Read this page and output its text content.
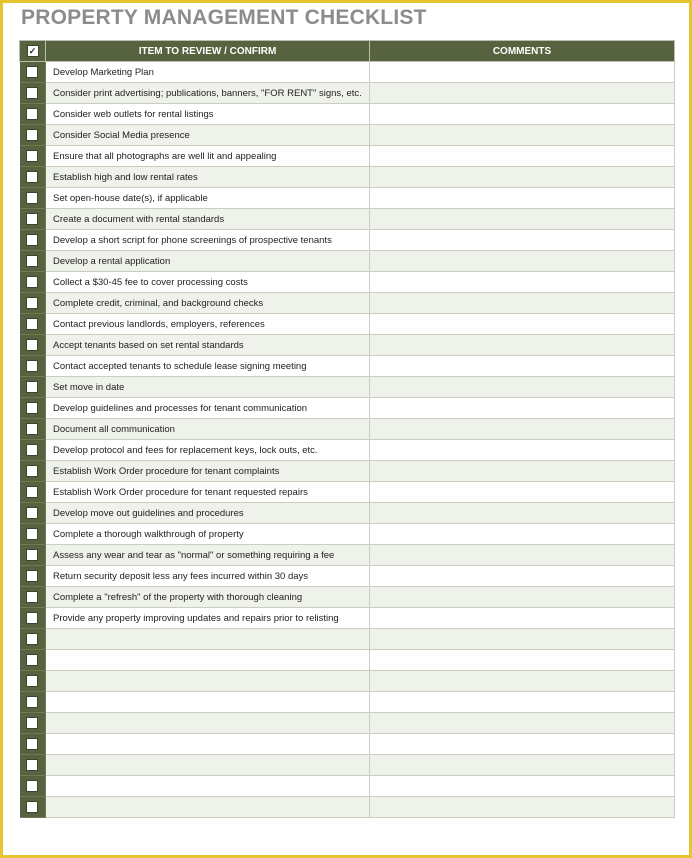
PROPERTY MANAGEMENT CHECKLIST
✓	ITEM TO REVIEW / CONFIRM	COMMENTS
	Develop Marketing Plan	
	Consider print advertising; publications, banners, "FOR RENT" signs, etc.	
	Consider web outlets for rental listings	
	Consider Social Media presence	
	Ensure that all photographs are well lit and appealing	
	Establish high and low rental rates	
	Set open-house date(s), if applicable	
	Create a document with rental standards	
	Develop a short script for phone screenings of prospective tenants	
	Develop a rental application	
	Collect a $30-45 fee to cover processing costs	
	Complete credit, criminal, and background checks	
	Contact previous landlords, employers, references	
	Accept tenants based on set rental standards	
	Contact accepted tenants to schedule lease signing meeting	
	Set move in date	
	Develop guidelines and processes for tenant communication	
	Document all communication	
	Develop protocol and fees for replacement keys, lock outs, etc.	
	Establish Work Order procedure for tenant complaints	
	Establish Work Order procedure for tenant requested repairs	
	Develop move out guidelines and procedures	
	Complete a thorough walkthrough of property	
	Assess any wear and tear as "normal" or something requiring a fee	
	Return security deposit less any fees incurred within 30 days	
	Complete a "refresh" of the property with thorough cleaning	
	Provide any property improving updates and repairs prior to relisting	
